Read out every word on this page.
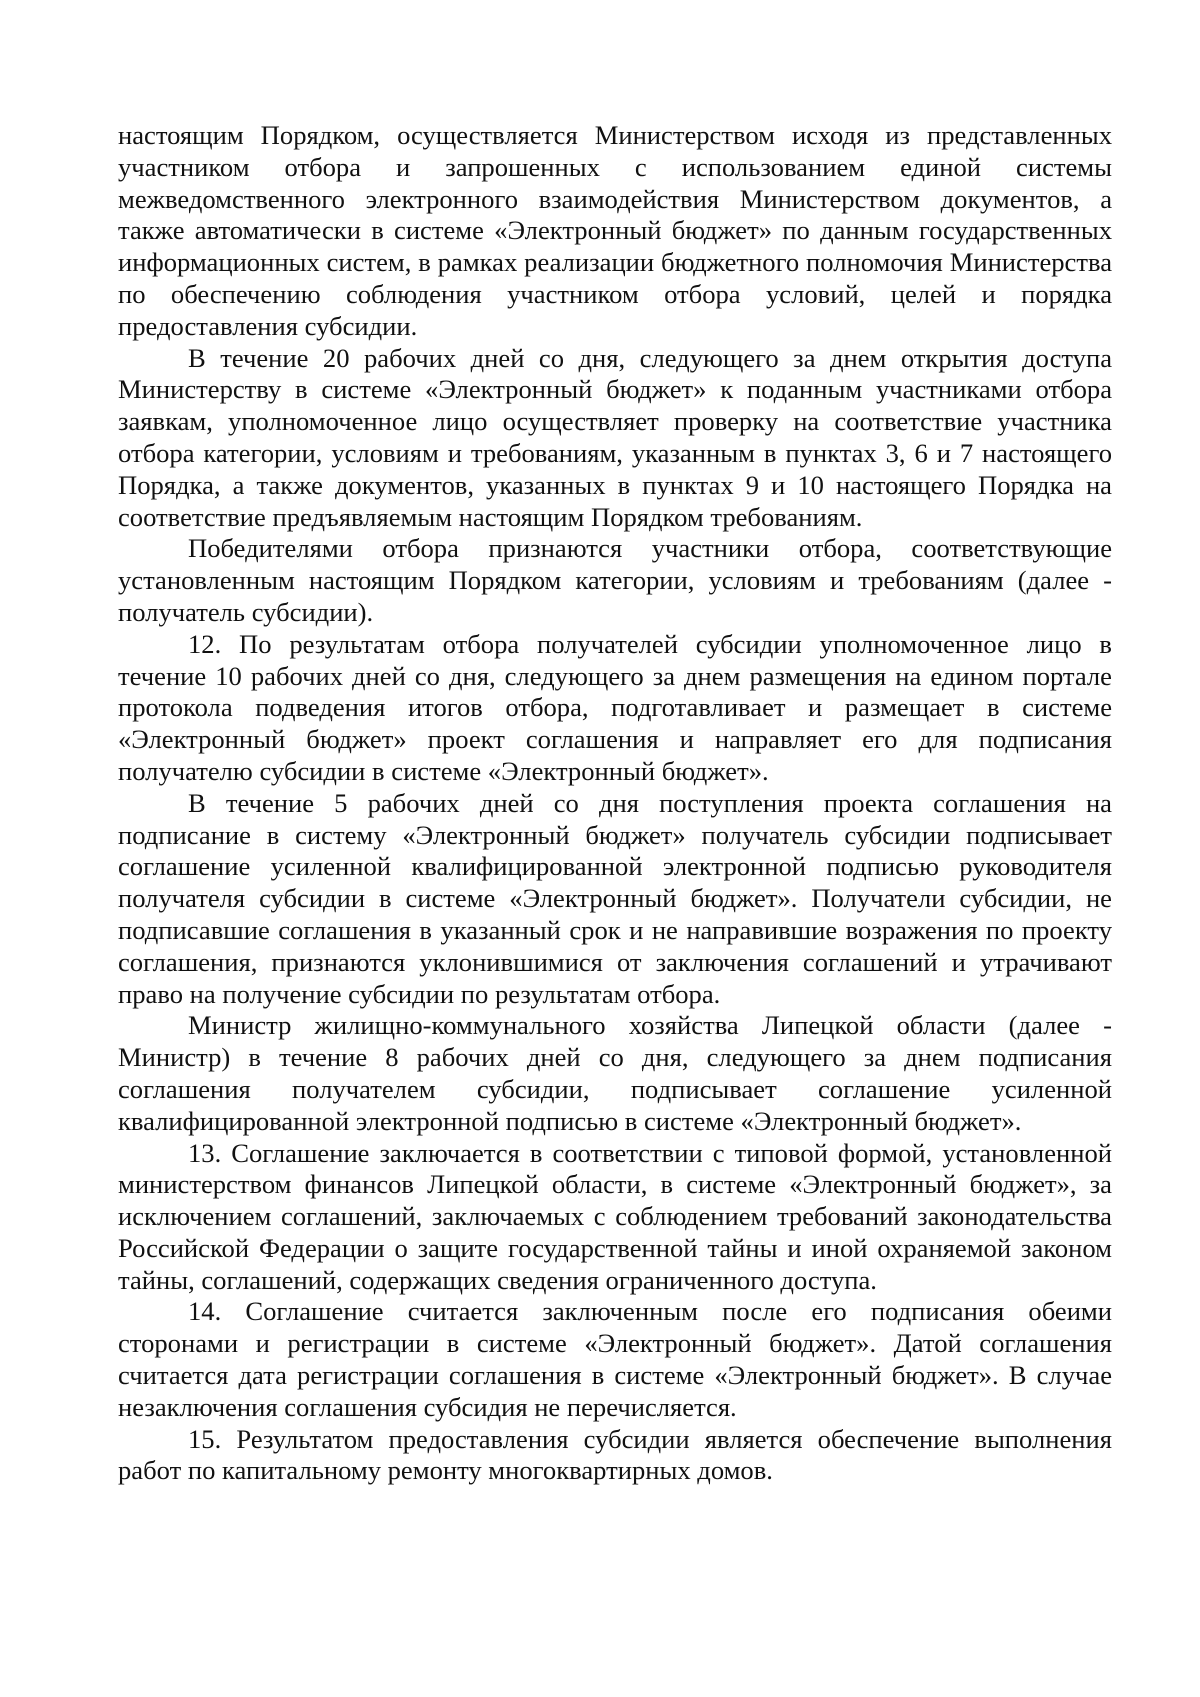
настоящим Порядком, осуществляется Министерством исходя из представленных участником отбора и запрошенных с использованием единой системы межведомственного электронного взаимодействия Министерством документов, а также автоматически в системе «Электронный бюджет» по данным государственных информационных систем, в рамках реализации бюджетного полномочия Министерства по обеспечению соблюдения участником отбора условий, целей и порядка предоставления субсидии.

В течение 20 рабочих дней со дня, следующего за днем открытия доступа Министерству в системе «Электронный бюджет» к поданным участниками отбора заявкам, уполномоченное лицо осуществляет проверку на соответствие участника отбора категории, условиям и требованиям, указанным в пунктах 3, 6 и 7 настоящего Порядка, а также документов, указанных в пунктах 9 и 10 настоящего Порядка на соответствие предъявляемым настоящим Порядком требованиям.

Победителями отбора признаются участники отбора, соответствующие установленным настоящим Порядком категории, условиям и требованиям (далее - получатель субсидии).

12. По результатам отбора получателей субсидии уполномоченное лицо в течение 10 рабочих дней со дня, следующего за днем размещения на едином портале протокола подведения итогов отбора, подготавливает и размещает в системе «Электронный бюджет» проект соглашения и направляет его для подписания получателю субсидии в системе «Электронный бюджет».

В течение 5 рабочих дней со дня поступления проекта соглашения на подписание в систему «Электронный бюджет» получатель субсидии подписывает соглашение усиленной квалифицированной электронной подписью руководителя получателя субсидии в системе «Электронный бюджет». Получатели субсидии, не подписавшие соглашения в указанный срок и не направившие возражения по проекту соглашения, признаются уклонившимися от заключения соглашений и утрачивают право на получение субсидии по результатам отбора.

Министр жилищно-коммунального хозяйства Липецкой области (далее - Министр) в течение 8 рабочих дней со дня, следующего за днем подписания соглашения получателем субсидии, подписывает соглашение усиленной квалифицированной электронной подписью в системе «Электронный бюджет».

13. Соглашение заключается в соответствии с типовой формой, установленной министерством финансов Липецкой области, в системе «Электронный бюджет», за исключением соглашений, заключаемых с соблюдением требований законодательства Российской Федерации о защите государственной тайны и иной охраняемой законом тайны, соглашений, содержащих сведения ограниченного доступа.

14. Соглашение считается заключенным после его подписания обеими сторонами и регистрации в системе «Электронный бюджет». Датой соглашения считается дата регистрации соглашения в системе «Электронный бюджет». В случае незаключения соглашения субсидия не перечисляется.

15. Результатом предоставления субсидии является обеспечение выполнения работ по капитальному ремонту многоквартирных домов.
